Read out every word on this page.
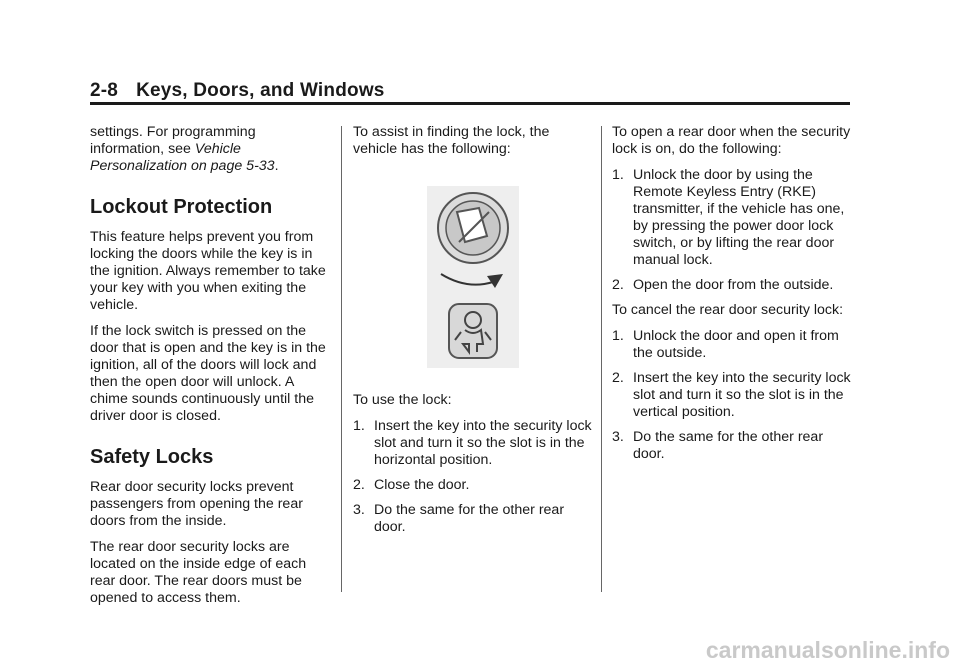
2-8 Keys, Doors, and Windows

settings. For programming information, see Vehicle Personalization on page 5-33.

Lockout Protection

This feature helps prevent you from locking the doors while the key is in the ignition. Always remember to take your key with you when exiting the vehicle.

If the lock switch is pressed on the door that is open and the key is in the ignition, all of the doors will lock and then the open door will unlock. A chime sounds continuously until the driver door is closed.

Safety Locks

Rear door security locks prevent passengers from opening the rear doors from the inside.

The rear door security locks are located on the inside edge of each rear door. The rear doors must be opened to access them.

To assist in finding the lock, the vehicle has the following:

To use the lock:

1. Insert the key into the security lock slot and turn it so the slot is in the horizontal position.
2. Close the door.
3. Do the same for the other rear door.

To open a rear door when the security lock is on, do the following:

1. Unlock the door by using the Remote Keyless Entry (RKE) transmitter, if the vehicle has one, by pressing the power door lock switch, or by lifting the rear door manual lock.
2. Open the door from the outside.

To cancel the rear door security lock:

1. Unlock the door and open it from the outside.
2. Insert the key into the security lock slot and turn it so the slot is in the vertical position.
3. Do the same for the other rear door.
carmanualsonline.info
